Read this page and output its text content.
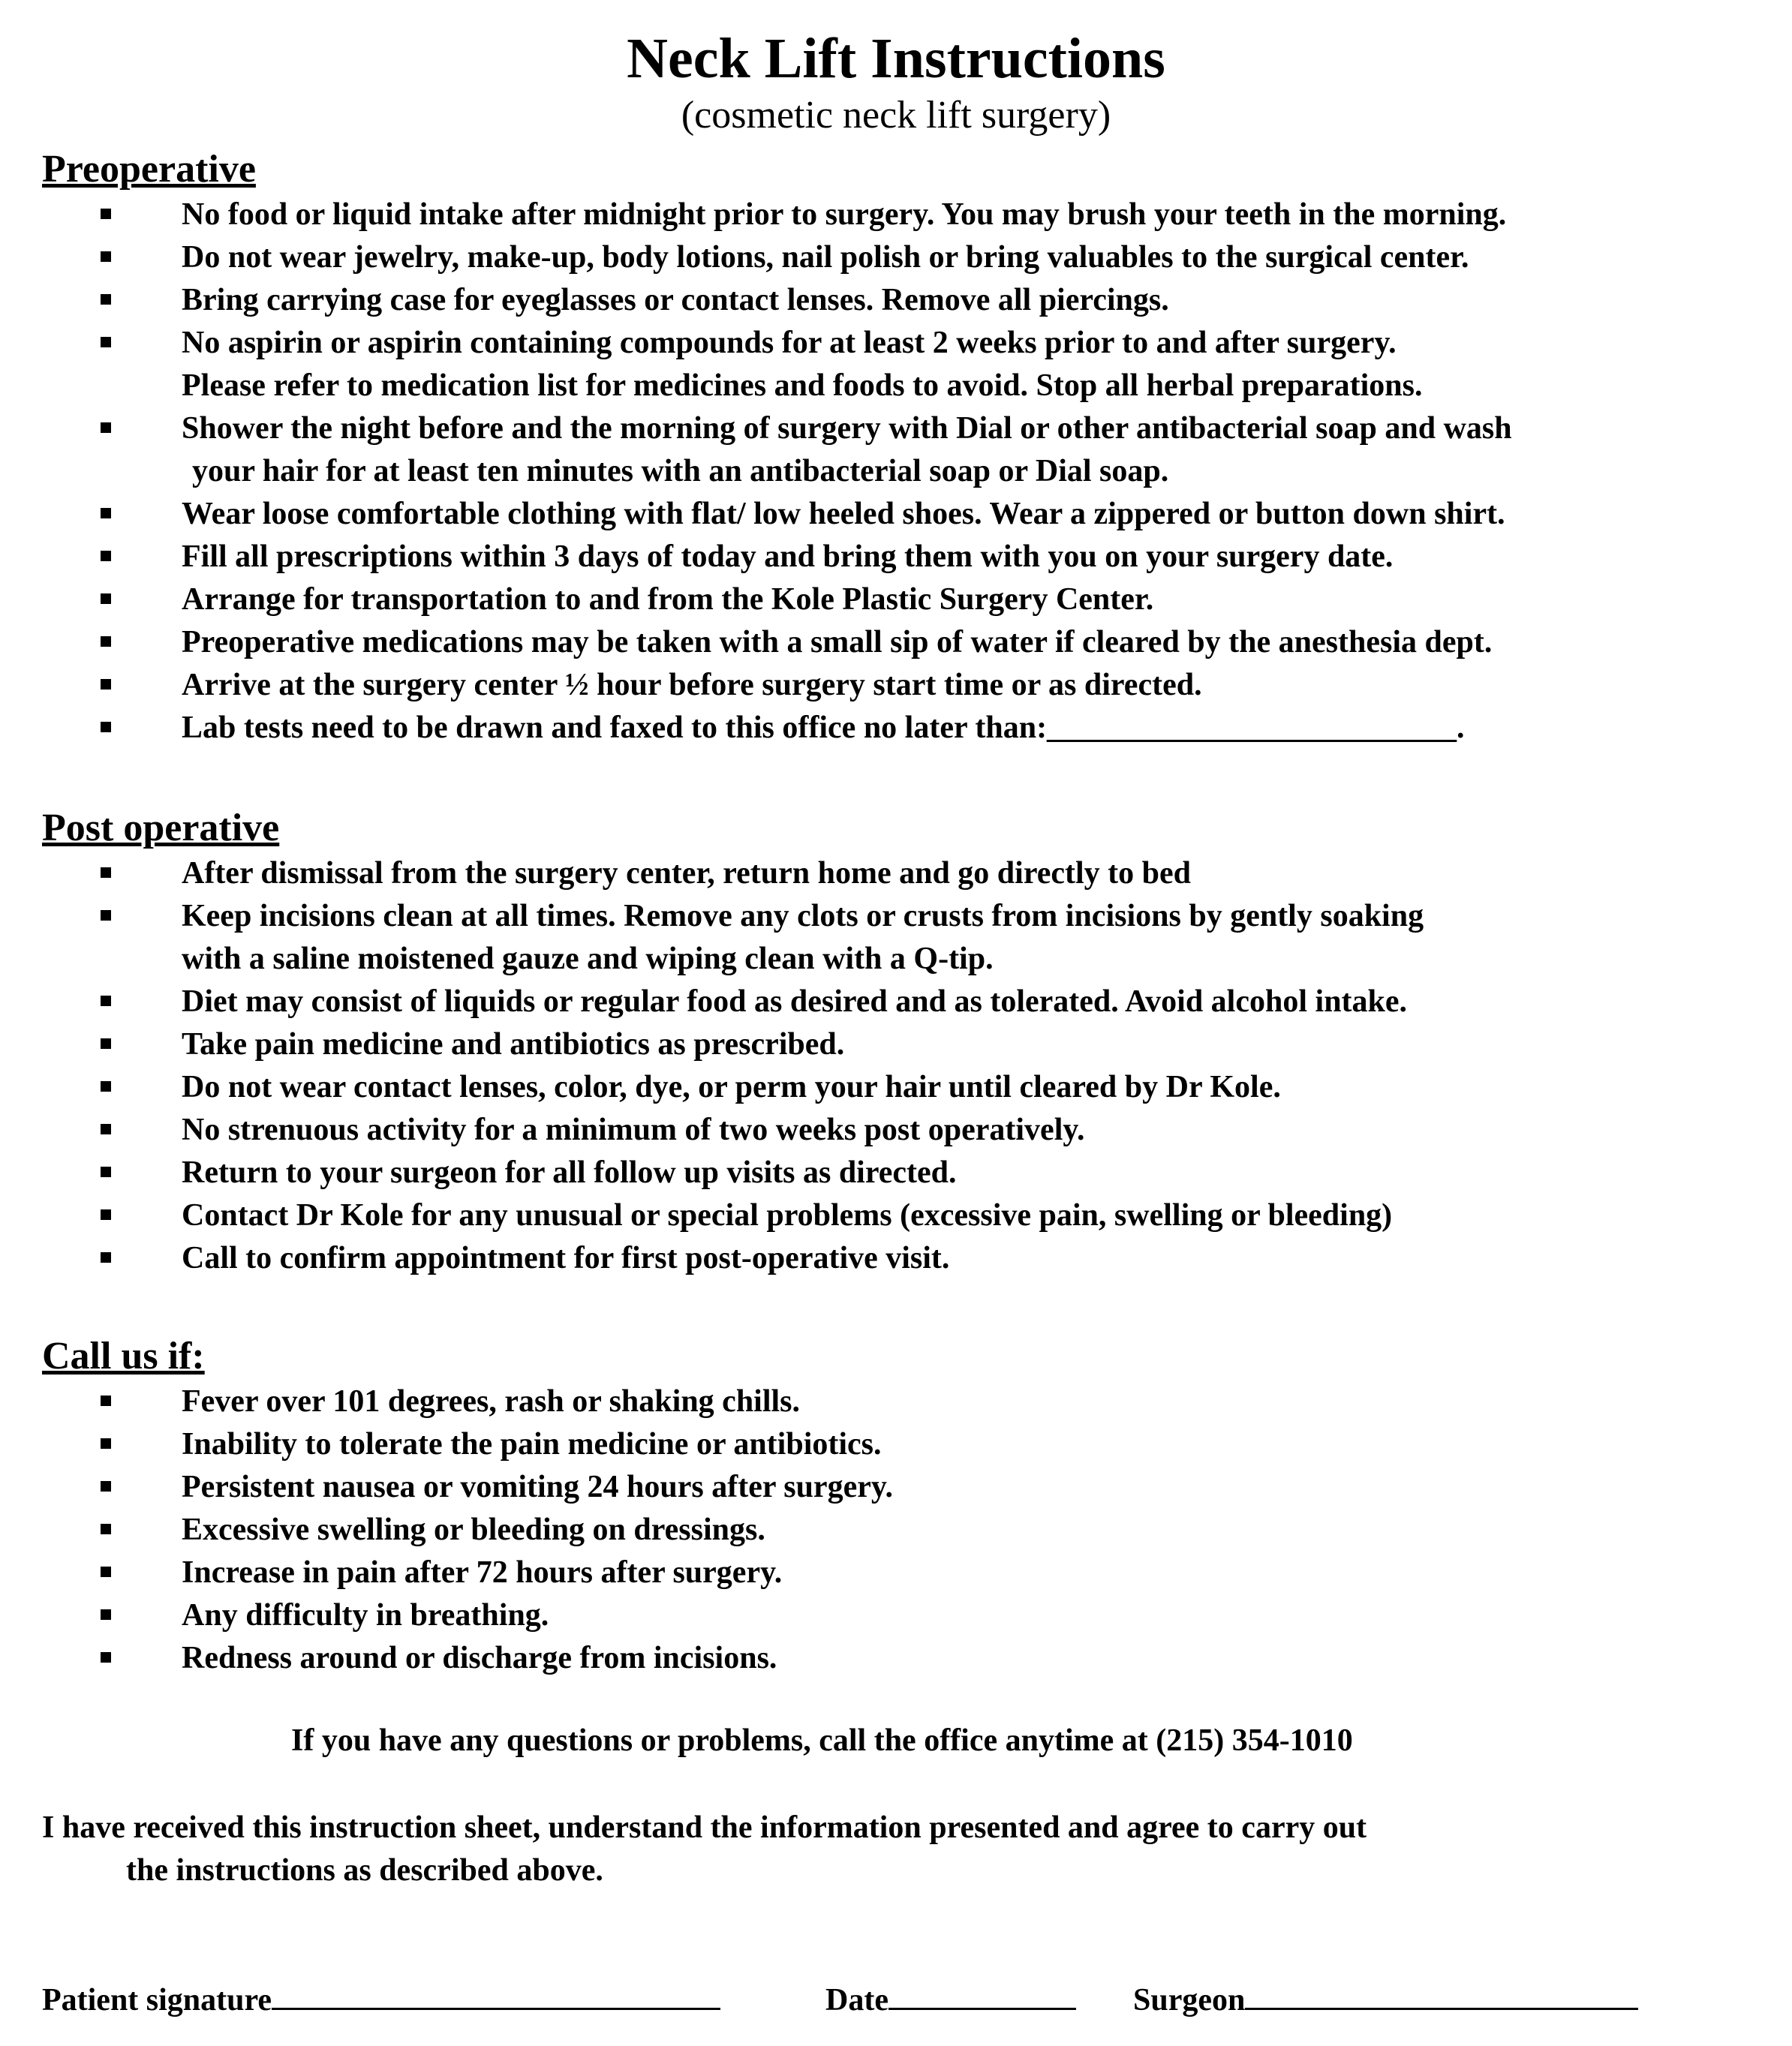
Neck Lift Instructions
(cosmetic neck lift surgery)
Preoperative
No food or liquid intake after midnight prior to surgery. You may brush your teeth in the morning.
Do not wear jewelry, make-up, body lotions, nail polish or bring valuables to the surgical center.
Bring carrying case for eyeglasses or contact lenses. Remove all piercings.
No aspirin or aspirin containing compounds for at least 2 weeks prior to and after surgery.
Please refer to medication list for medicines and foods to avoid. Stop all herbal preparations.
Shower the night before and the morning of surgery with Dial or other antibacterial soap and wash
your hair for at least ten minutes with an antibacterial soap or Dial soap.
Wear loose comfortable clothing with flat/ low heeled shoes. Wear a zippered or button down shirt.
Fill all prescriptions within 3 days of today and bring them with you on your surgery date.
Arrange for transportation to and from the Kole Plastic Surgery Center.
Preoperative medications may be taken with a small sip of water if cleared by the anesthesia dept.
Arrive at the surgery center ½ hour before surgery start time or as directed.
Lab tests need to be drawn and faxed to this office no later than:__________________________.
Post operative
After dismissal from the surgery center, return home and go directly to bed
Keep incisions clean at all times. Remove any clots or crusts from incisions by gently soaking
with a saline moistened gauze and wiping clean with a Q-tip.
Diet may consist of liquids or regular food as desired and as tolerated. Avoid alcohol intake.
Take pain medicine and antibiotics as prescribed.
Do not wear contact lenses, color, dye, or perm your hair until cleared by Dr Kole.
No strenuous activity for a minimum of two weeks post operatively.
Return to your surgeon for all follow up visits as directed.
Contact Dr Kole for any unusual or special problems (excessive pain, swelling or bleeding)
Call to confirm appointment for first post-operative visit.
Call us if:
Fever over 101 degrees, rash or shaking chills.
Inability to tolerate the pain medicine or antibiotics.
Persistent nausea or vomiting 24 hours after surgery.
Excessive swelling or bleeding on dressings.
Increase in pain after 72 hours after surgery.
Any difficulty in breathing.
Redness around or discharge from incisions.
If you have any questions or problems, call the office anytime at (215) 354-1010
I have received this instruction sheet, understand the information presented and agree to carry out
the instructions as described above.
Patient signature	Date	Surgeon
